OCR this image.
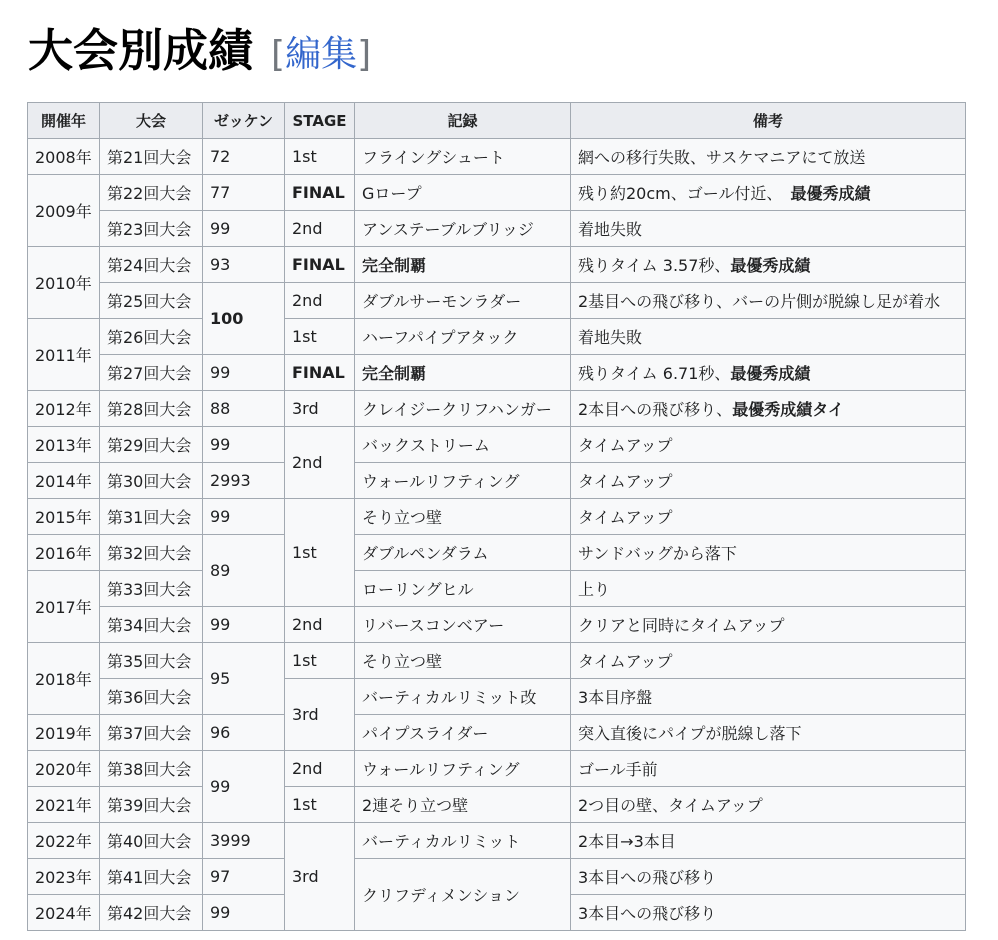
大会別成績 [編集]
開催年	大会	ゼッケン	STAGE	記録	備考
2008年	第21回大会	72	1st	フライングシュート	網への移行失敗、サスケマニアにて放送
2009年	第22回大会	77	FINAL	Gロープ	残り約20cm、ゴール付近、　最優秀成績
	第23回大会	99	2nd	アンステーブルブリッジ	着地失敗
2010年	第24回大会	93	FINAL	完全制覇	残りタイム 3.57秒、最優秀成績
	第25回大会	100	2nd	ダブルサーモンラダー	2基目への飛び移り、バーの片側が脱線し足が着水
2011年	第26回大会		1st	ハーフパイプアタック	着地失敗
	第27回大会	99	FINAL	完全制覇	残りタイム 6.71秒、最優秀成績
2012年	第28回大会	88	3rd	クレイジークリフハンガー	2本目への飛び移り、最優秀成績タイ
2013年	第29回大会	99	2nd	バックストリーム	タイムアップ
2014年	第30回大会	2993		ウォールリフティング	タイムアップ
2015年	第31回大会	99	1st	そり立つ壁	タイムアップ
2016年	第32回大会	89		ダブルペンダラム	サンドバッグから落下
2017年	第33回大会			ローリングヒル	上り
	第34回大会	99	2nd	リバースコンベアー	クリアと同時にタイムアップ
2018年	第35回大会	95	1st	そり立つ壁	タイムアップ
	第36回大会		3rd	バーティカルリミット改	3本目序盤
2019年	第37回大会	96		パイプスライダー	突入直後にパイプが脱線し落下
2020年	第38回大会	99	2nd	ウォールリフティング	ゴール手前
2021年	第39回大会		1st	2連そり立つ壁	2つ目の壁、タイムアップ
2022年	第40回大会	3999	3rd	バーティカルリミット	2本目→3本目
2023年	第41回大会	97		クリフディメンション	3本目への飛び移り
2024年	第42回大会	99			3本目への飛び移り
